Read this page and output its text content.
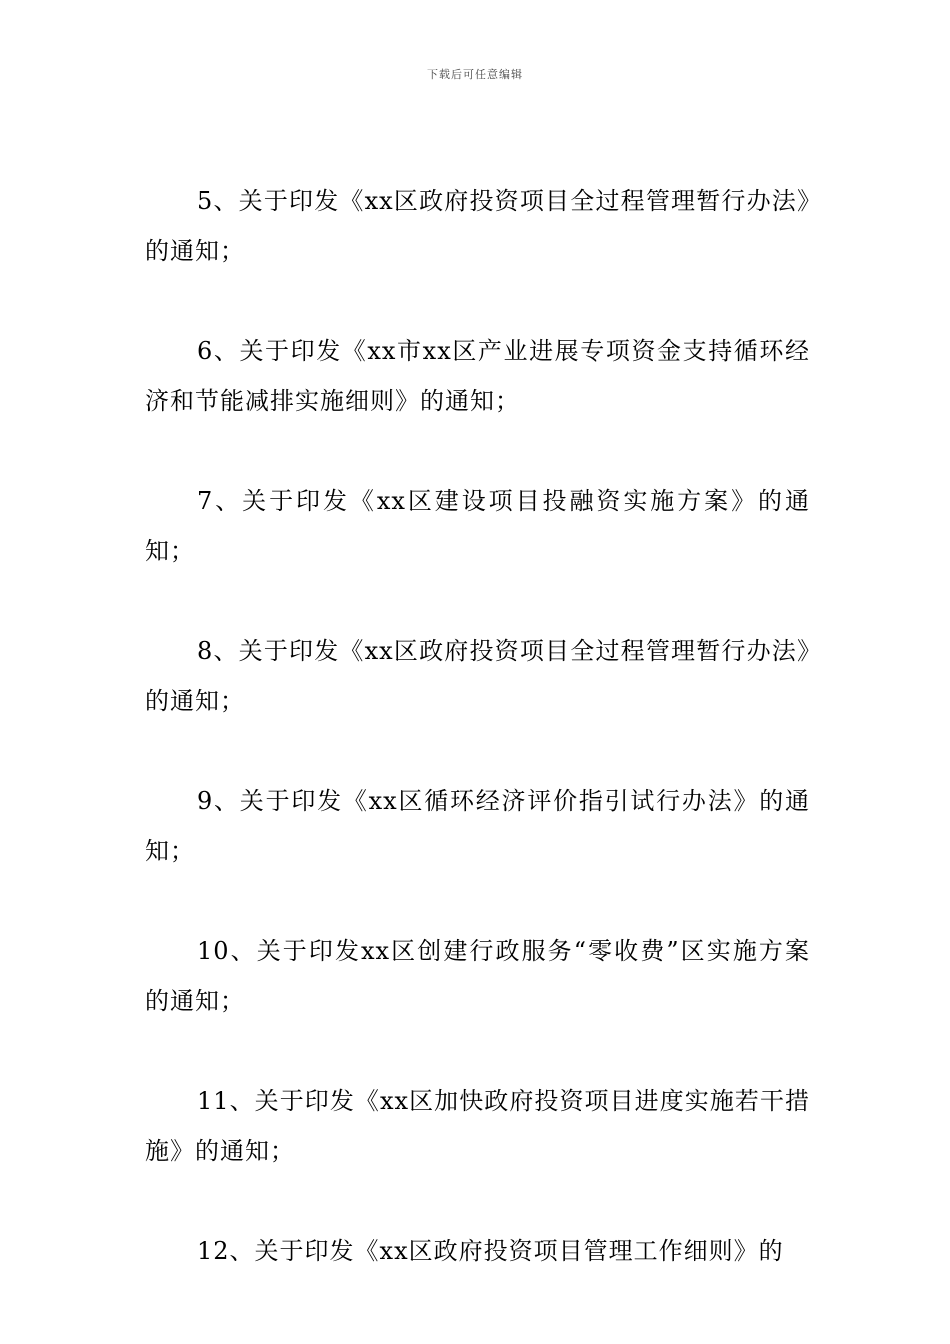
下载后可任意编辑

5、关于印发《xx区政府投资项目全过程管理暂行办法》的通知；

6、关于印发《xx市xx区产业进展专项资金支持循环经济和节能减排实施细则》的通知；

7、关于印发《xx区建设项目投融资实施方案》的通知；

8、关于印发《xx区政府投资项目全过程管理暂行办法》的通知；

9、关于印发《xx区循环经济评价指引试行办法》的通知；

10、关于印发xx区创建行政服务“零收费”区实施方案的通知；

11、关于印发《xx区加快政府投资项目进度实施若干措施》的通知；

12、关于印发《xx区政府投资项目管理工作细则》的
